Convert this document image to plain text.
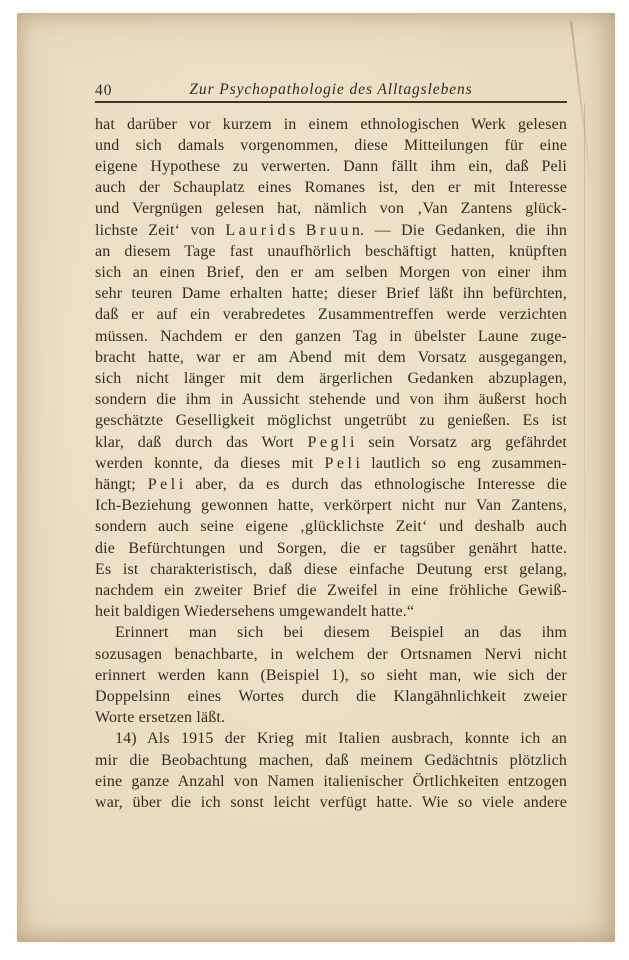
40	Zur Psychopathologie des Alltagslebens
hat darüber vor kurzem in einem ethnologischen Werk gelesen
und sich damals vorgenommen, diese Mitteilungen für eine
eigene Hypothese zu verwerten. Dann fällt ihm ein, daß Peli
auch der Schauplatz eines Romanes ist, den er mit Interesse
und Vergnügen gelesen hat, nämlich von ‚Van Zantens glück-
lichste Zeit‘ von L a u r i d s B r u u n. — Die Gedanken, die ihn
an diesem Tage fast unaufhörlich beschäftigt hatten, knüpften
sich an einen Brief, den er am selben Morgen von einer ihm
sehr teuren Dame erhalten hatte; dieser Brief läßt ihn befürchten,
daß er auf ein verabredetes Zusammentreffen werde verzichten
müssen. Nachdem er den ganzen Tag in übelster Laune zuge-
bracht hatte, war er am Abend mit dem Vorsatz ausgegangen,
sich nicht länger mit dem ärgerlichen Gedanken abzuplagen,
sondern die ihm in Aussicht stehende und von ihm äußerst hoch
geschätzte Geselligkeit möglichst ungetrübt zu genießen. Es ist
klar, daß durch das Wort P e g l i sein Vorsatz arg gefährdet
werden konnte, da dieses mit P e l i lautlich so eng zusammen-
hängt; P e l i aber, da es durch das ethnologische Interesse die
Ich-Beziehung gewonnen hatte, verkörpert nicht nur Van Zantens,
sondern auch seine eigene ‚glücklichste Zeit‘ und deshalb auch
die Befürchtungen und Sorgen, die er tagsüber genährt hatte.
Es ist charakteristisch, daß diese einfache Deutung erst gelang,
nachdem ein zweiter Brief die Zweifel in eine fröhliche Gewiß-
heit baldigen Wiedersehens umgewandelt hatte.“
Erinnert man sich bei diesem Beispiel an das ihm
sozusagen benachbarte, in welchem der Ortsnamen Nervi nicht
erinnert werden kann (Beispiel 1), so sieht man, wie sich der
Doppelsinn eines Wortes durch die Klangähnlichkeit zweier
Worte ersetzen läßt.
14) Als 1915 der Krieg mit Italien ausbrach, konnte ich an
mir die Beobachtung machen, daß meinem Gedächtnis plötzlich
eine ganze Anzahl von Namen italienischer Örtlichkeiten entzogen
war, über die ich sonst leicht verfügt hatte. Wie so viele andere
